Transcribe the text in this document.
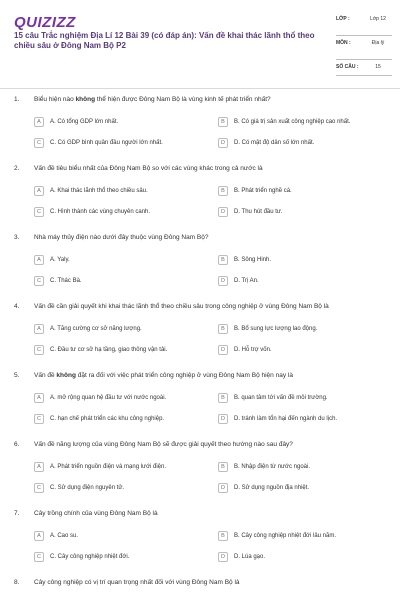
QUIZIZZ
15 câu Trắc nghiệm Địa Lí 12 Bài 39 (có đáp án): Vấn đề khai thác lãnh thổ theo chiều sâu ở Đông Nam Bộ P2
LỚP :	Lớp 12
MÔN :	Địa lý
SỐ CÂU :	15
1. Biểu hiện nào không thể hiện được Đông Nam Bộ là vùng kinh tế phát triển nhất?
A	A. Có tổng GDP lớn nhất.	B	B. Có giá trị sản xuất công nghiệp cao nhất.
C	C. Có GDP bình quân đầu người lớn nhất.	D	D. Có mật độ dân số lớn nhất.
2. Vấn đề tiêu biểu nhất của Đông Nam Bộ so với các vùng khác trong cả nước là
A	A. Khai thác lãnh thổ theo chiều sâu.	B	B. Phát triển nghề cá.
C	C. Hình thành các vùng chuyên canh.	D	D. Thu hút đầu tư.
3. Nhà máy thủy điện nào dưới đây thuộc vùng Đông Nam Bộ?
A	A. Yaly.	B	B. Sông Hinh.
C	C. Thác Bà.	D	D. Trị An.
4. Vấn đề cần giải quyết khi khai thác lãnh thổ theo chiều sâu trong công nghiệp ở vùng Đông Nam Bộ là
A	A. Tăng cường cơ sở năng lượng.	B	B. Bổ sung lực lượng lao động.
C	C. Đầu tư cơ sở hạ tầng, giao thông vận tải.	D	D. Hỗ trợ vốn.
5. Vấn đề không đặt ra đối với việc phát triển công nghiệp ở vùng Đông Nam Bộ hiện nay là
A	A. mở rộng quan hệ đầu tư với nước ngoài.	B	B. quan tâm tới vấn đề môi trường.
C	C. hạn chế phát triển các khu công nghiệp.	D	D. tránh làm tổn hại đến ngành du lịch.
6. Vấn đề năng lượng của vùng Đông Nam Bộ sẽ được giải quyết theo hướng nào sau đây?
A	A. Phát triển nguồn điện và mạng lưới điện.	B	B. Nhập điện từ nước ngoài.
C	C. Sử dụng điện nguyên tử.	D	D. Sử dụng nguồn địa nhiệt.
7. Cây trồng chính của vùng Đông Nam Bộ là
A	A. Cao su.	B	B. Cây công nghiệp nhiệt đới lâu năm.
C	C. Cây công nghiệp nhiệt đới.	D	D. Lúa gạo.
8. Cây công nghiệp có vị trí quan trọng nhất đối với vùng Đông Nam Bộ là
